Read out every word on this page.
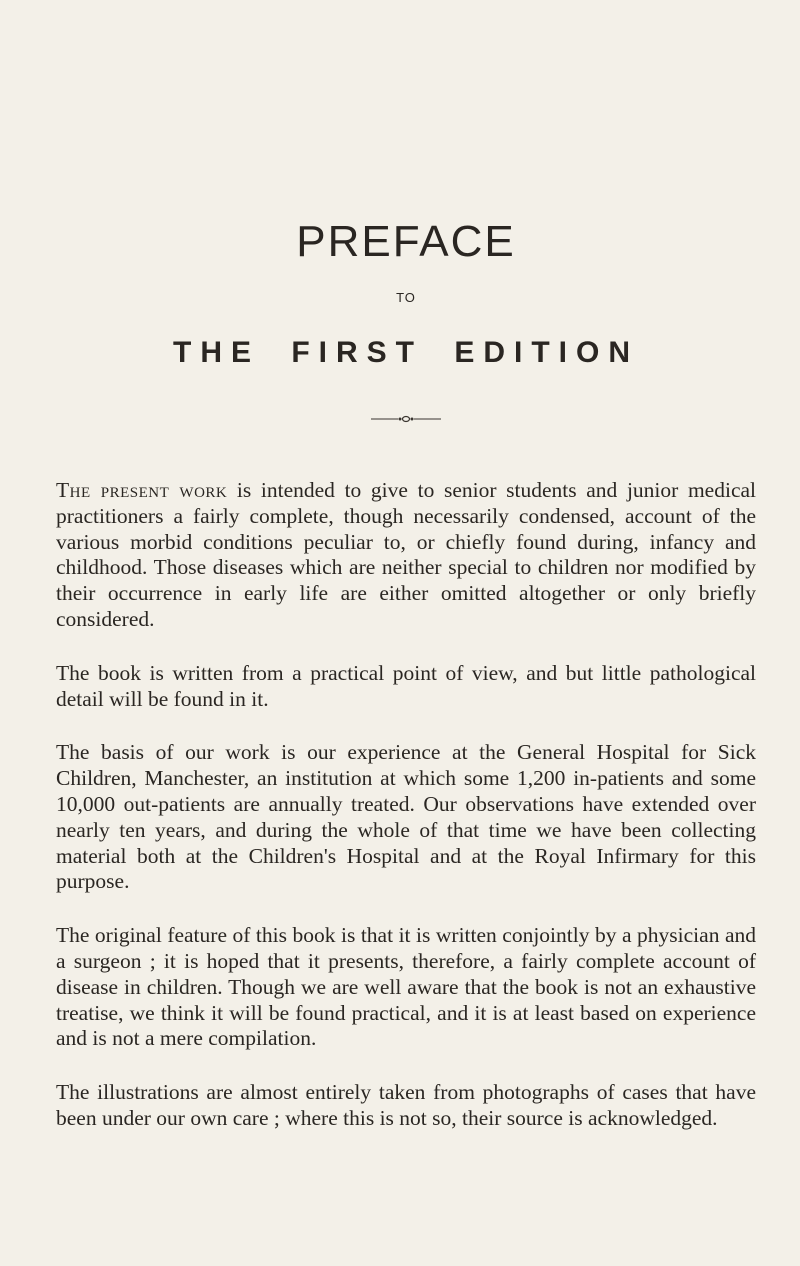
PREFACE
TO
THE FIRST EDITION

The present work is intended to give to senior students and junior medical practitioners a fairly complete, though necessarily condensed, account of the various morbid conditions peculiar to, or chiefly found during, infancy and childhood. Those diseases which are neither special to children nor modified by their occurrence in early life are either omitted altogether or only briefly considered.

The book is written from a practical point of view, and but little pathological detail will be found in it.

The basis of our work is our experience at the General Hospital for Sick Children, Manchester, an institution at which some 1,200 in-patients and some 10,000 out-patients are annually treated. Our observations have extended over nearly ten years, and during the whole of that time we have been collecting material both at the Children's Hospital and at the Royal Infirmary for this purpose.

The original feature of this book is that it is written conjointly by a physician and a surgeon ; it is hoped that it presents, therefore, a fairly complete account of disease in children. Though we are well aware that the book is not an exhaustive treatise, we think it will be found practical, and it is at least based on experience and is not a mere compilation.

The illustrations are almost entirely taken from photographs of cases that have been under our own care ; where this is not so, their source is acknowledged.
